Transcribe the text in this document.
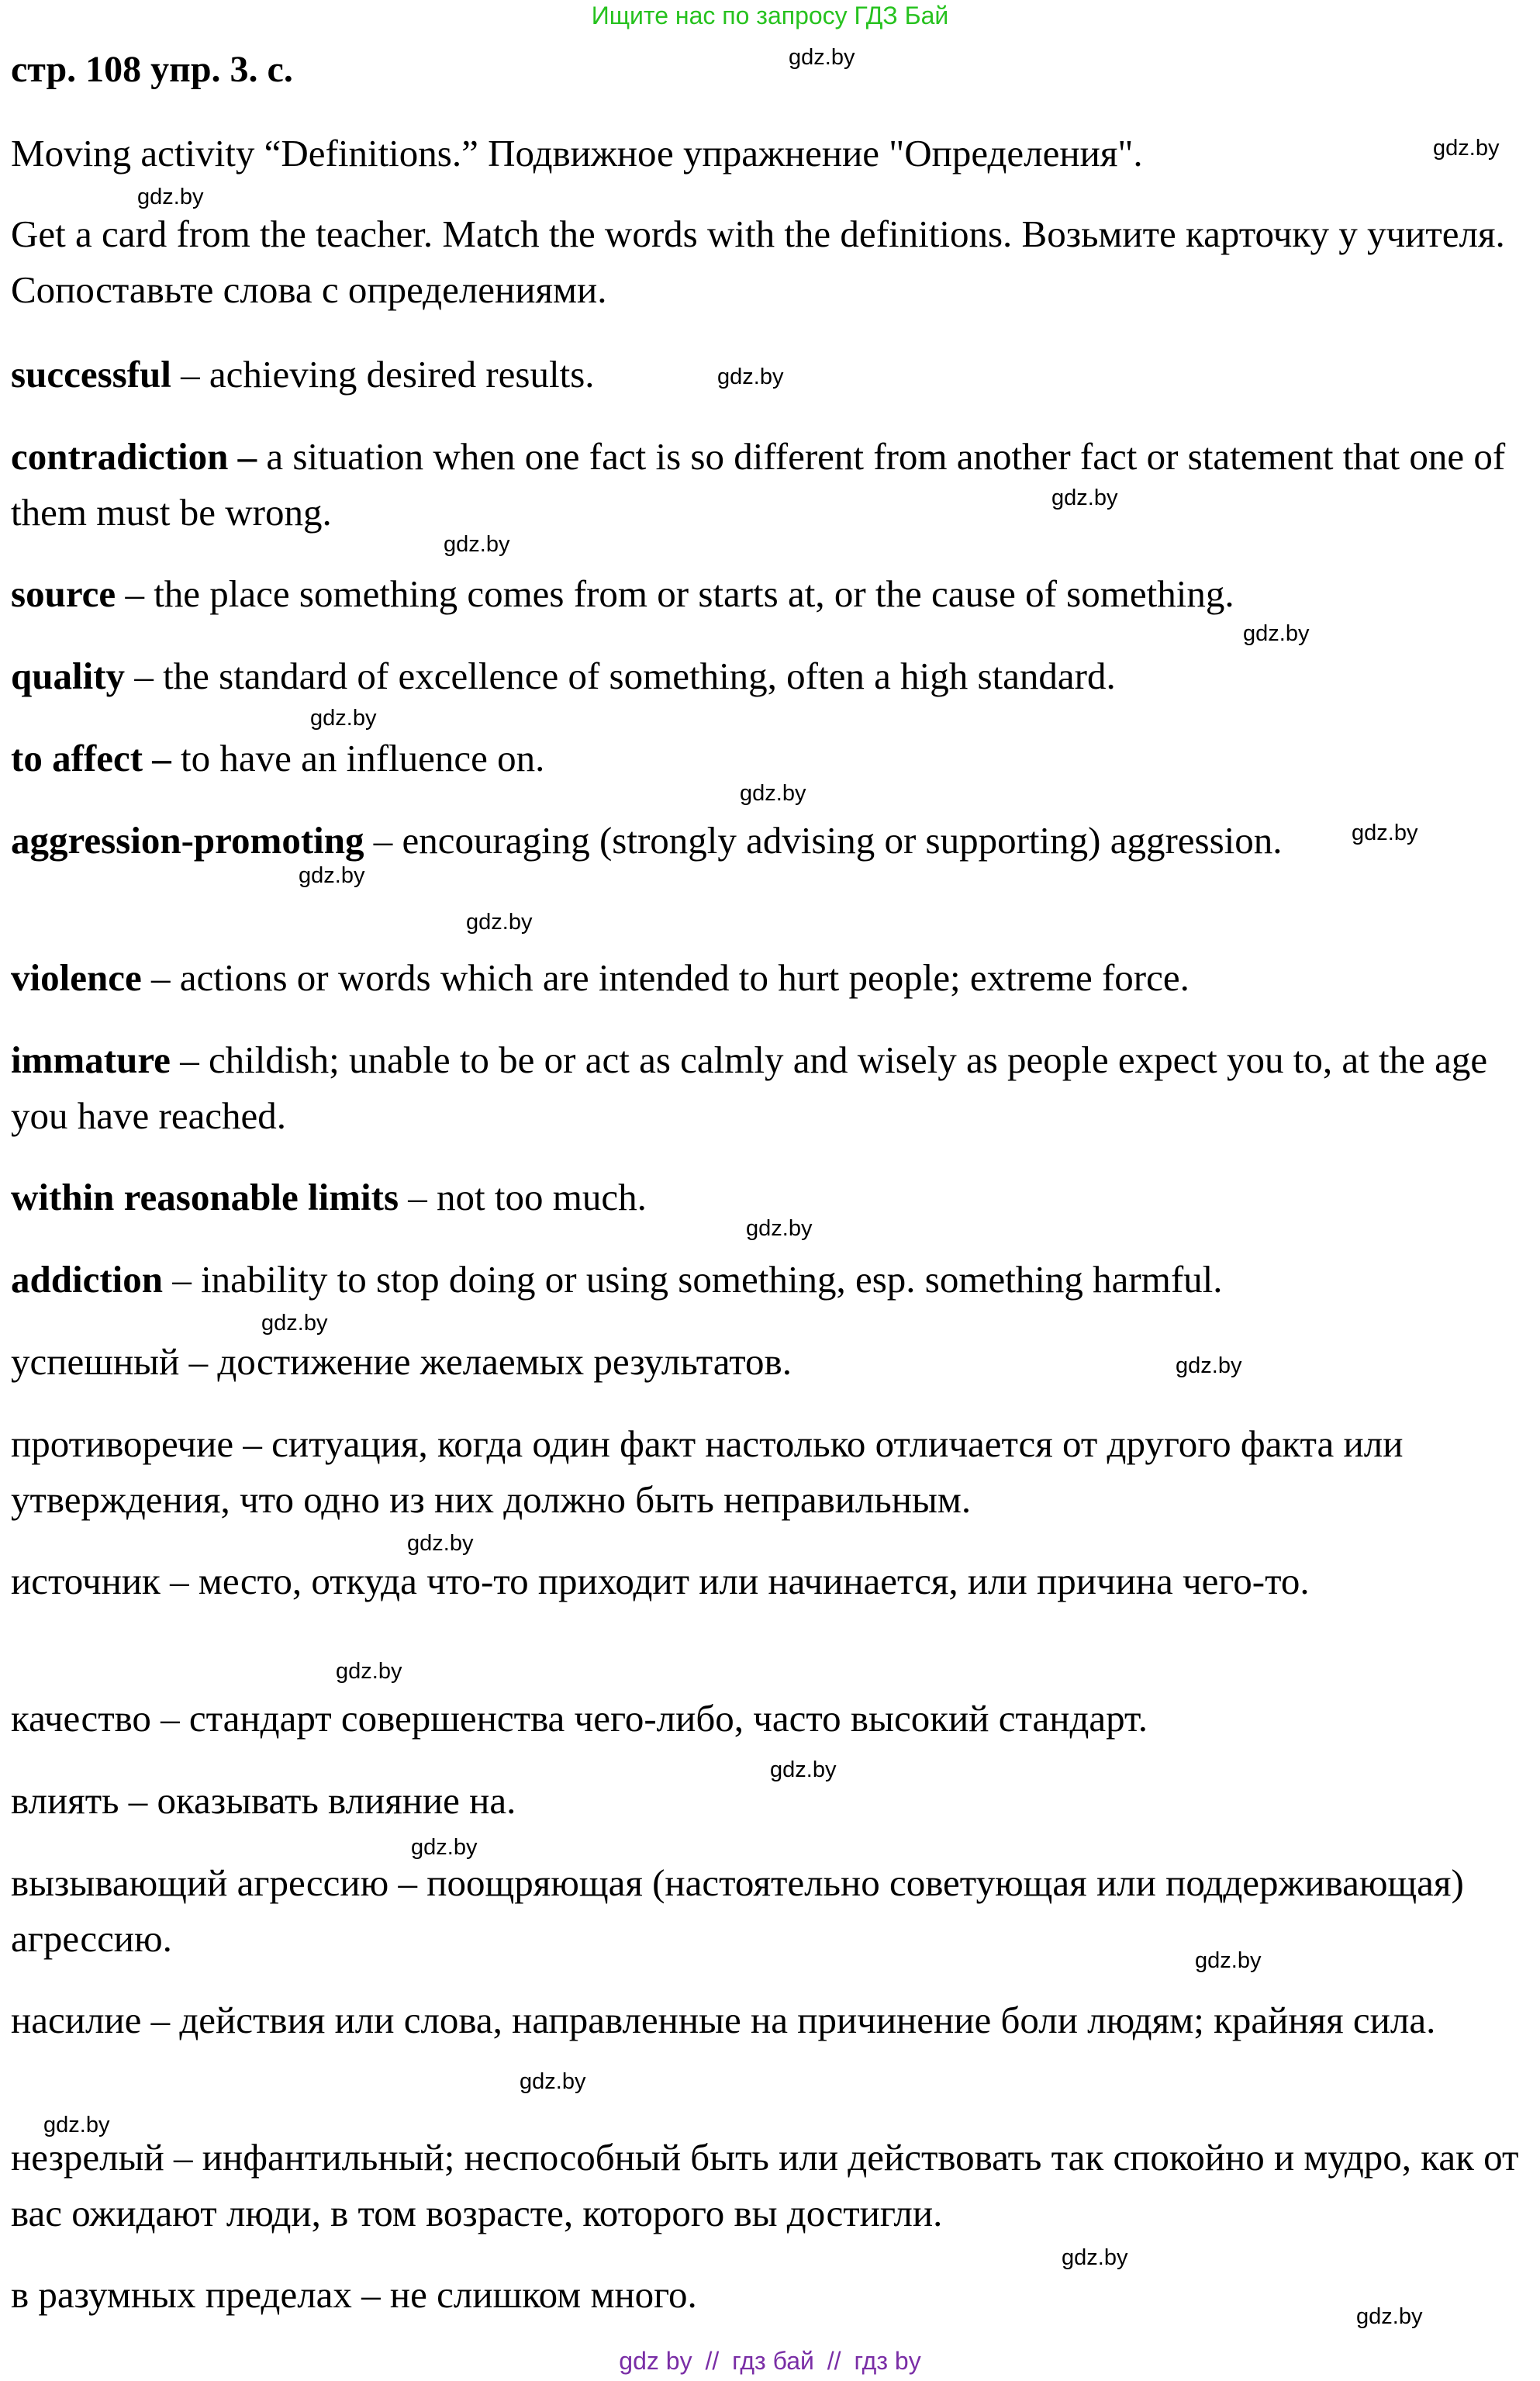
Ищите нас по запросу ГДЗ Бай
стр. 108 упр. 3. с.
Moving activity “Definitions.” Подвижное упражнение "Определения".
Get a card from the teacher. Match the words with the definitions. Возьмите карточку у учителя. Сопоставьте слова с определениями.
successful – achieving desired results.
contradiction – a situation when one fact is so different from another fact or statement that one of them must be wrong.
source – the place something comes from or starts at, or the cause of something.
quality – the standard of excellence of something, often a high standard.
to affect – to have an influence on.
aggression-promoting – encouraging (strongly advising or supporting) aggression.
violence – actions or words which are intended to hurt people; extreme force.
immature – childish; unable to be or act as calmly and wisely as people expect you to, at the age you have reached.
within reasonable limits – not too much.
addiction – inability to stop doing or using something, esp. something harmful.
успешный – достижение желаемых результатов.
противоречие – ситуация, когда один факт настолько отличается от другого факта или утверждения, что одно из них должно быть неправильным.
источник – место, откуда что-то приходит или начинается, или причина чего-то.
качество – стандарт совершенства чего-либо, часто высокий стандарт.
влиять – оказывать влияние на.
вызывающий агрессию – поощряющая (настоятельно советующая или поддерживающая) агрессию.
насилие – действия или слова, направленные на причинение боли людям; крайняя сила.
незрелый – инфантильный; неспособный быть или действовать так спокойно и мудро, как от вас ожидают люди, в том возрасте, которого вы достигли.
в разумных пределах – не слишком много.
gdz.by
gdz.by
gdz.by
gdz.by
gdz.by
gdz.by
gdz.by
gdz.by
gdz.by
gdz.by
gdz.by
gdz.by
gdz.by
gdz.by
gdz.by
gdz.by
gdz.by
gdz.by
gdz.by
gdz.by
gdz.by
gdz.by
gdz.by
gdz.by
gdz by // гдз бай // гдз by
